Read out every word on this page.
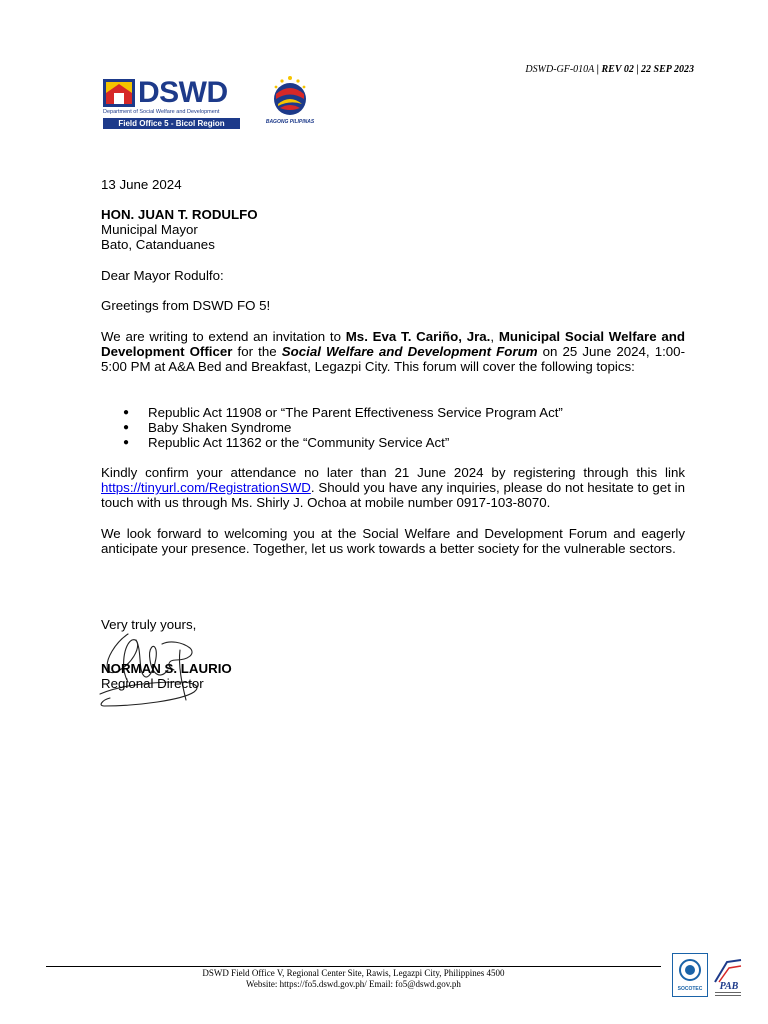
DSWD-GF-010A | REV 02 | 22 SEP 2023
DSWD
Department of Social Welfare and Development
Field Office 5 - Bicol Region	BAGONG PILIPINAS

13 June 2024

HON. JUAN T. RODULFO

Municipal Mayor

Bato, Catanduanes

Dear Mayor Rodulfo:

Greetings from DSWD FO 5!

We are writing to extend an invitation to Ms. Eva T. Cariño, Jra., Municipal Social Welfare and Development Officer for the Social Welfare and Development Forum on 25 June 2024, 1:00-5:00 PM at A&A Bed and Breakfast, Legazpi City. This forum will cover the following topics:
● Republic Act 11908 or “The Parent Effectiveness Service Program Act”
● Baby Shaken Syndrome
● Republic Act 11362 or the “Community Service Act”
Kindly confirm your attendance no later than 21 June 2024 by registering through this link https://tinyurl.com/RegistrationSWD. Should you have any inquiries, please do not hesitate to get in touch with us through Ms. Shirly J. Ochoa at mobile number 0917-103-8070.

We look forward to welcoming you at the Social Welfare and Development Forum and eagerly anticipate your presence. Together, let us work towards a better society for the vulnerable sectors.

Very truly yours,

NORMAN S. LAURIO

Regional Director

DSWD Field Office V, Regional Center Site, Rawis, Legazpi City, Philippines 4500
Website: https://fo5.dswd.gov.ph/ Email: fo5@dswd.gov.ph	SOCOTEC PAB
